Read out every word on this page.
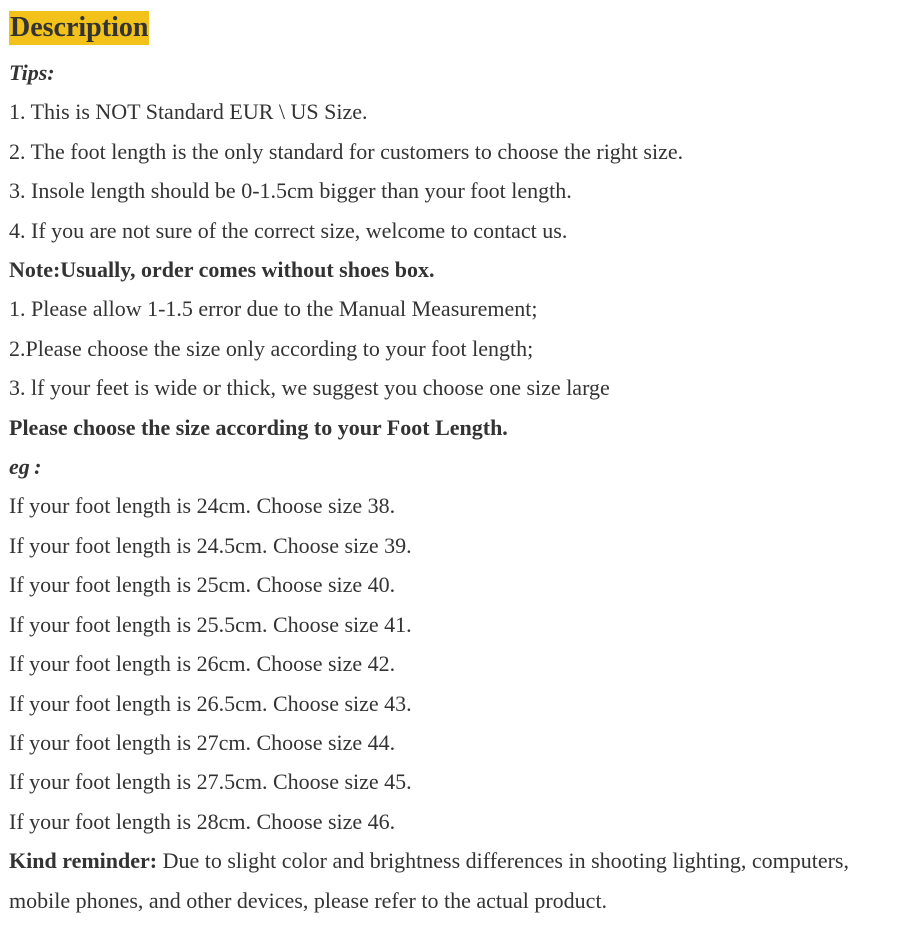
Description
Tips:
1. This is NOT Standard EUR \ US Size.
2. The foot length is the only standard for customers to choose the right size.
3. Insole length should be 0-1.5cm bigger than your foot length.
4. If you are not sure of the correct size, welcome to contact us.
Note:Usually, order comes without shoes box.
1. Please allow 1-1.5 error due to the Manual Measurement;
2.Please choose the size only according to your foot length;
3. lf your feet is wide or thick, we suggest you choose one size large
Please choose the size according to your Foot Length.
eg :
If your foot length is 24cm. Choose size 38.
If your foot length is 24.5cm. Choose size 39.
If your foot length is 25cm. Choose size 40.
If your foot length is 25.5cm. Choose size 41.
If your foot length is 26cm. Choose size 42.
If your foot length is 26.5cm. Choose size 43.
If your foot length is 27cm. Choose size 44.
If your foot length is 27.5cm. Choose size 45.
If your foot length is 28cm. Choose size 46.
Kind reminder: Due to slight color and brightness differences in shooting lighting, computers, mobile phones, and other devices, please refer to the actual product.
